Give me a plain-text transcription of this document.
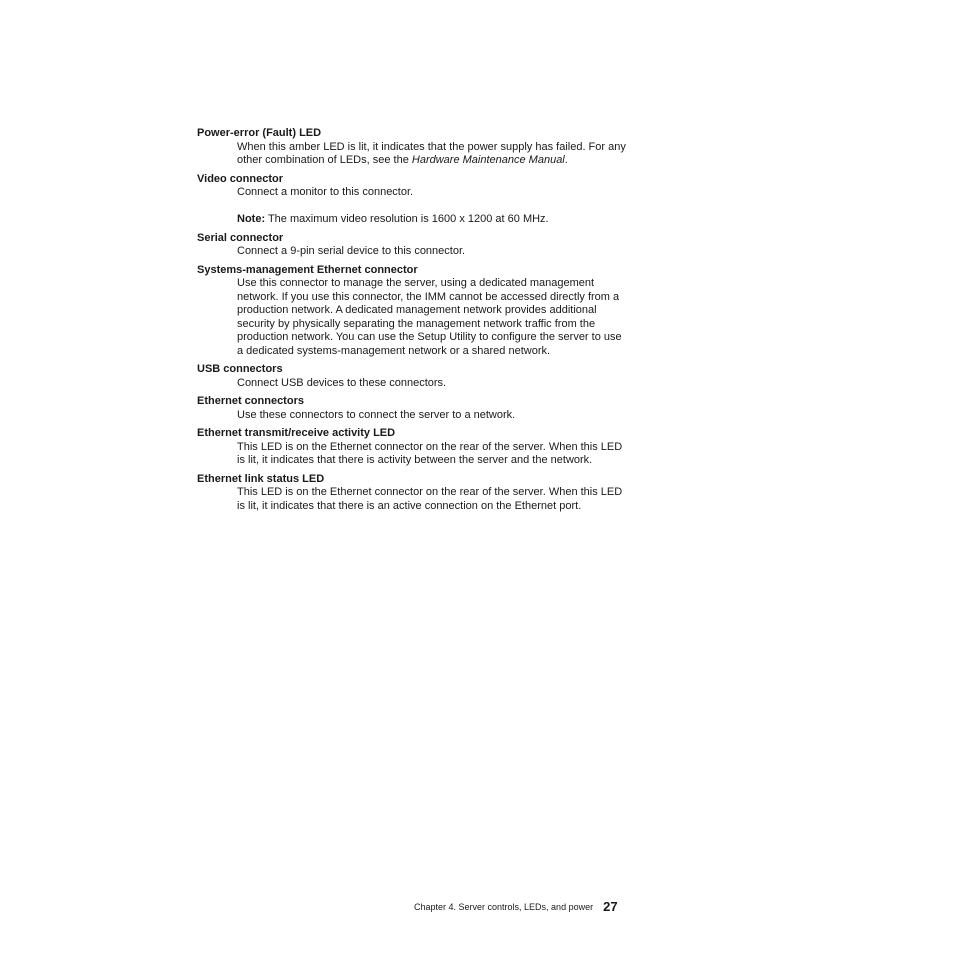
Power-error (Fault) LED
When this amber LED is lit, it indicates that the power supply has failed. For any other combination of LEDs, see the Hardware Maintenance Manual.
Video connector
Connect a monitor to this connector.
Note: The maximum video resolution is 1600 x 1200 at 60 MHz.
Serial connector
Connect a 9-pin serial device to this connector.
Systems-management Ethernet connector
Use this connector to manage the server, using a dedicated management network. If you use this connector, the IMM cannot be accessed directly from a production network. A dedicated management network provides additional security by physically separating the management network traffic from the production network. You can use the Setup Utility to configure the server to use a dedicated systems-management network or a shared network.
USB connectors
Connect USB devices to these connectors.
Ethernet connectors
Use these connectors to connect the server to a network.
Ethernet transmit/receive activity LED
This LED is on the Ethernet connector on the rear of the server. When this LED is lit, it indicates that there is activity between the server and the network.
Ethernet link status LED
This LED is on the Ethernet connector on the rear of the server. When this LED is lit, it indicates that there is an active connection on the Ethernet port.
Chapter 4. Server controls, LEDs, and power 27
